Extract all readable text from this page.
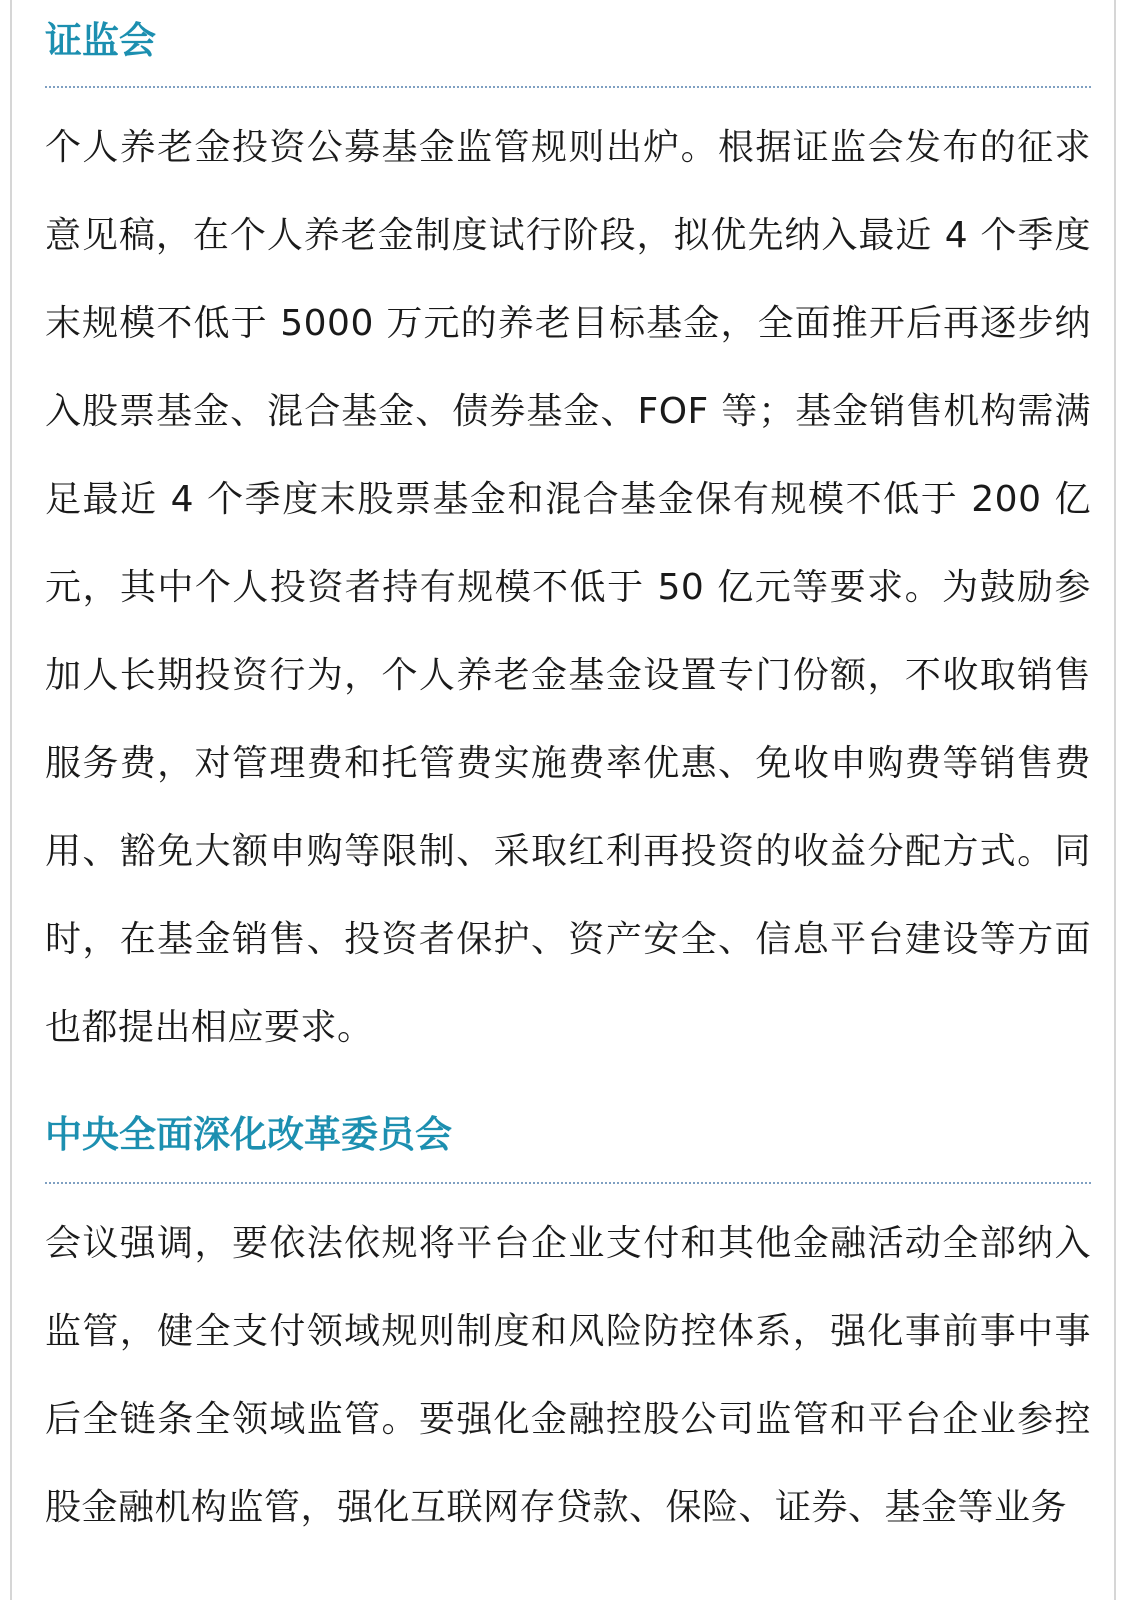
证监会

个人养老金投资公募基金监管规则出炉。根据证监会发布的征求意见稿，在个人养老金制度试行阶段，拟优先纳入最近 4 个季度末规模不低于 5000 万元的养老目标基金，全面推开后再逐步纳入股票基金、混合基金、债券基金、FOF 等；基金销售机构需满足最近 4 个季度末股票基金和混合基金保有规模不低于 200 亿元，其中个人投资者持有规模不低于 50 亿元等要求。为鼓励参加人长期投资行为，个人养老金基金设置专门份额，不收取销售服务费，对管理费和托管费实施费率优惠、免收申购费等销售费用、豁免大额申购等限制、采取红利再投资的收益分配方式。同时，在基金销售、投资者保护、资产安全、信息平台建设等方面也都提出相应要求。

中央全面深化改革委员会

会议强调，要依法依规将平台企业支付和其他金融活动全部纳入监管，健全支付领域规则制度和风险防控体系，强化事前事中事后全链条全领域监管。要强化金融控股公司监管和平台企业参控股金融机构监管，强化互联网存贷款、保险、证券、基金等业务
